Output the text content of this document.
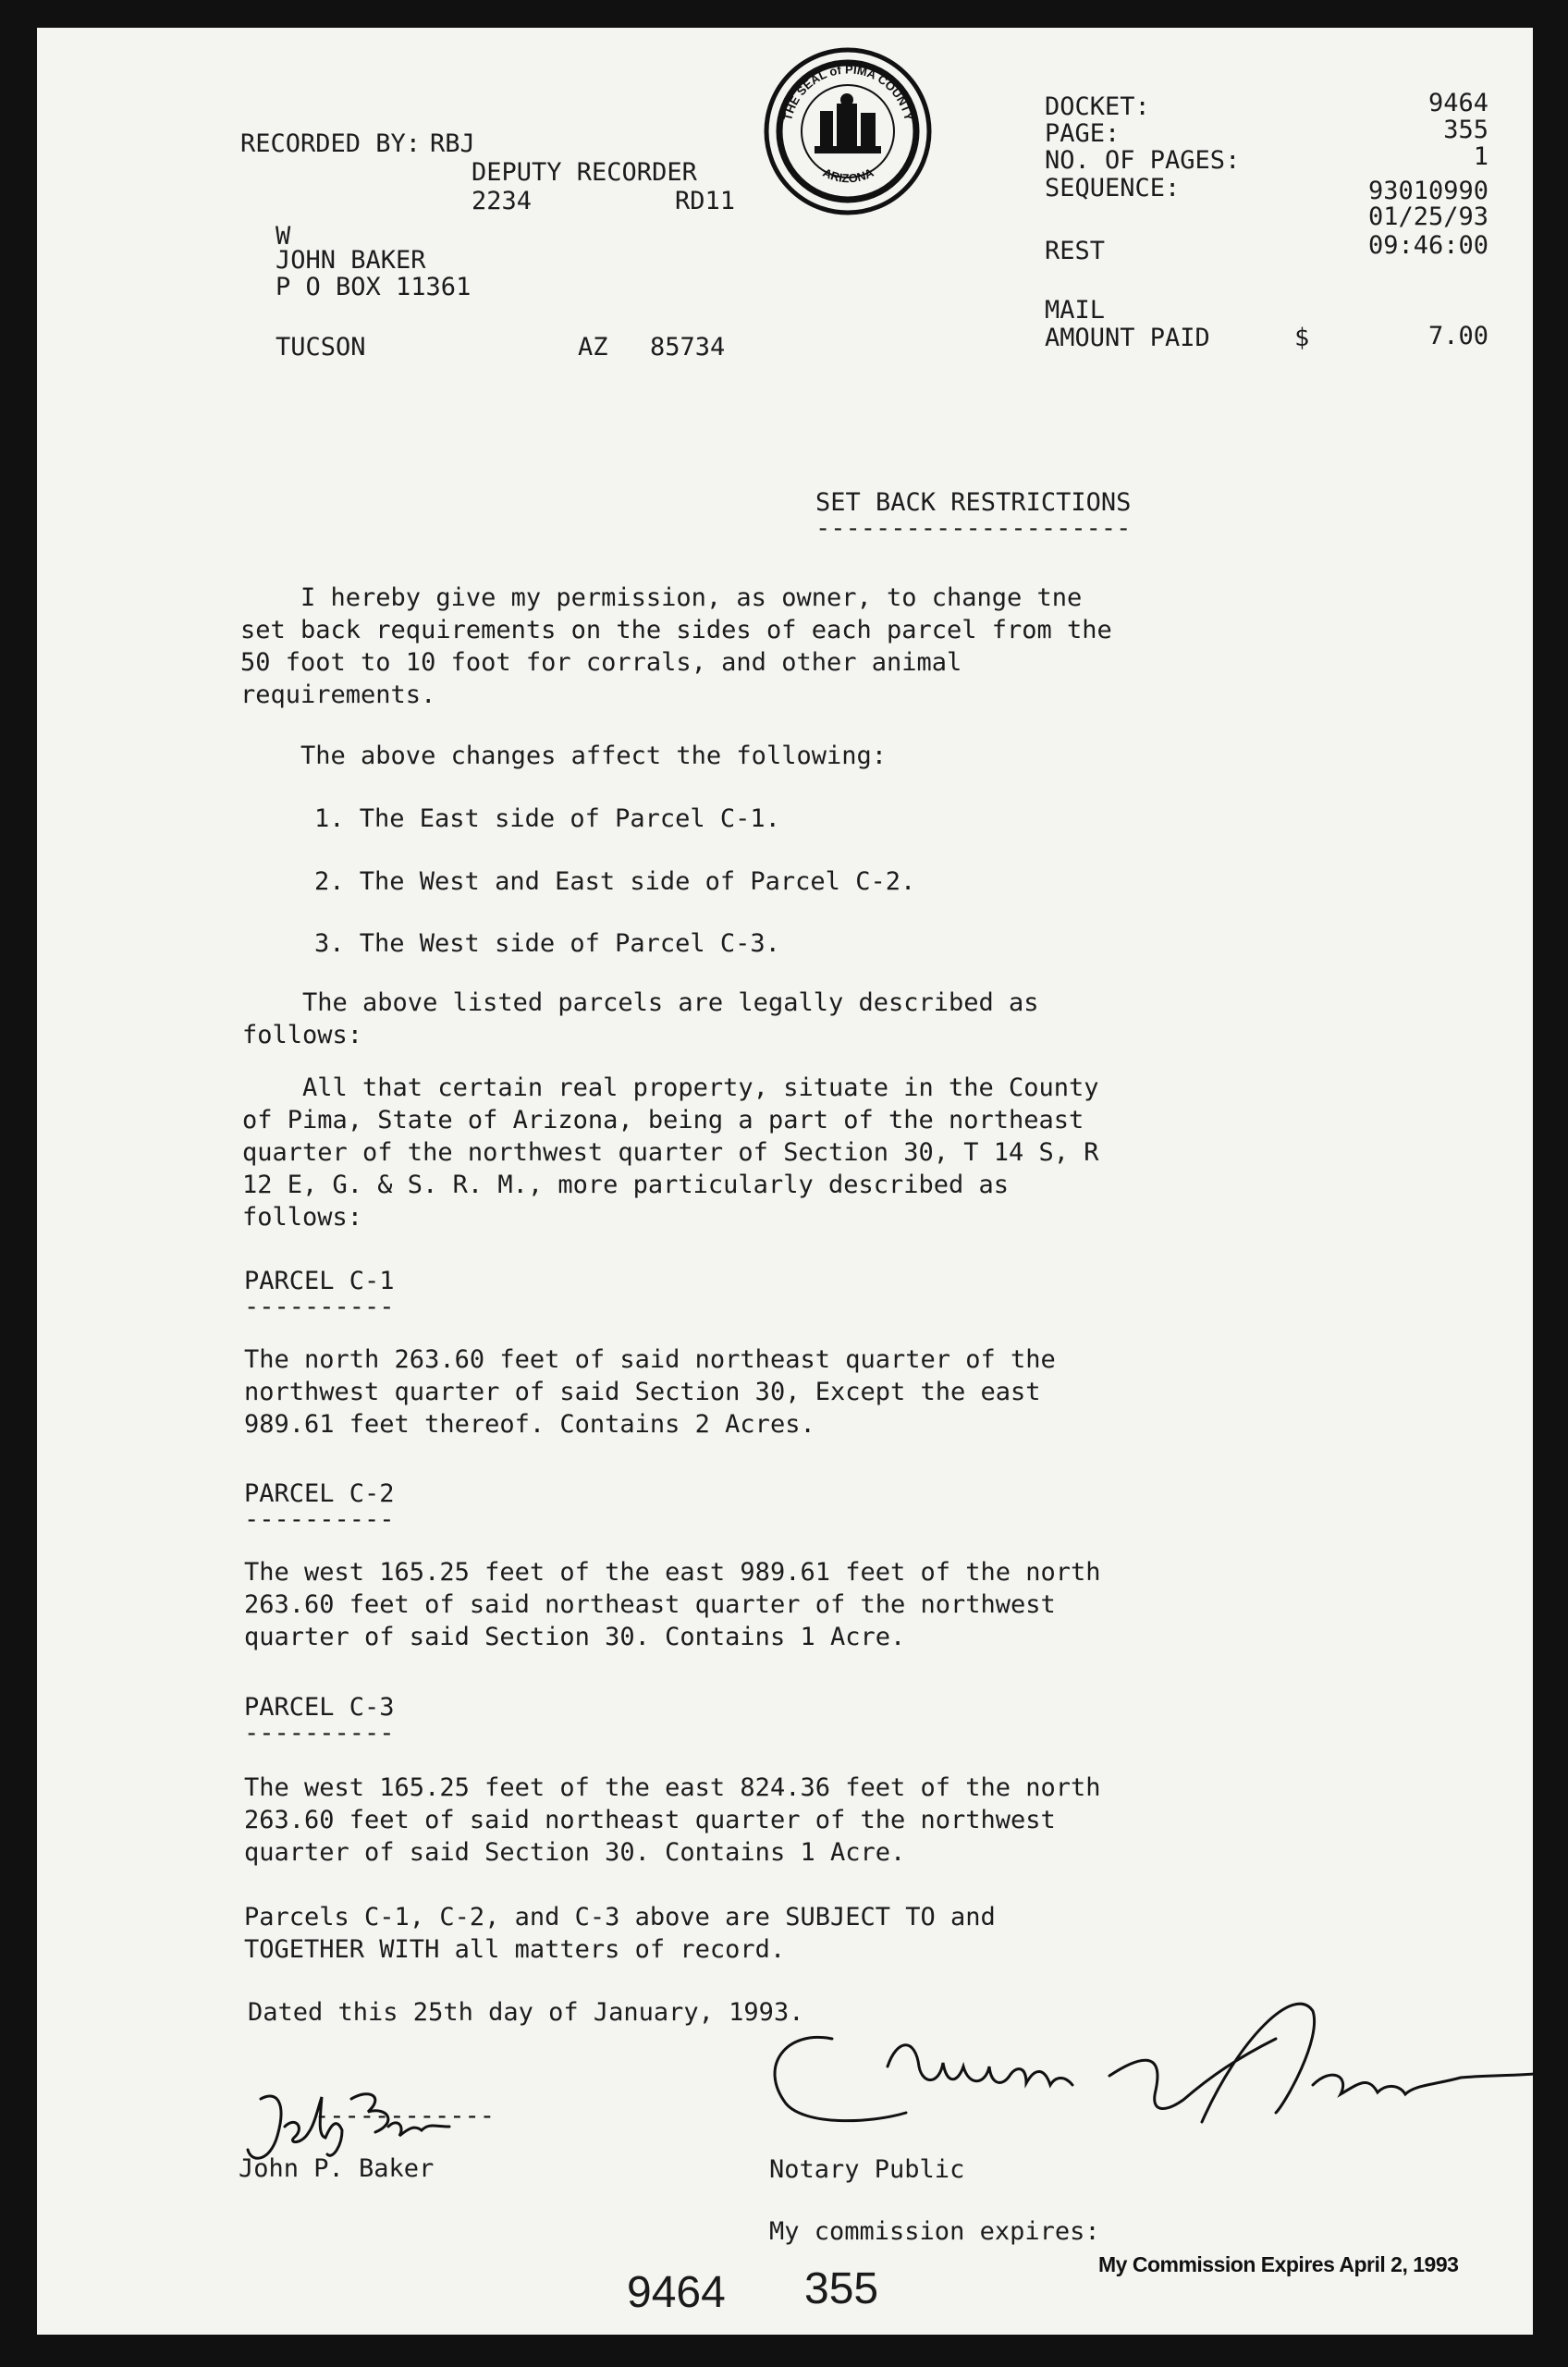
RECORDED BY: RBJ
DEPUTY RECORDER
2234	RD11
W
JOHN BAKER
P O BOX 11361
TUCSON	AZ 85734
THE SEAL of PIMA COUNTY
ARIZONA
DOCKET:	9464
PAGE:	355
NO. OF PAGES:	1
SEQUENCE:	93010990
01/25/93
REST	09:46:00
MAIL
AMOUNT PAID	$	7.00
SET BACK RESTRICTIONS
---------------------
I hereby give my permission, as owner, to change tne
set back requirements on the sides of each parcel from the
50 foot to 10 foot for corrals, and other animal
requirements.
The above changes affect the following:
1. The East side of Parcel C-1.
2. The West and East side of Parcel C-2.
3. The West side of Parcel C-3.
The above listed parcels are legally described as
follows:
All that certain real property, situate in the County
of Pima, State of Arizona, being a part of the northeast
quarter of the northwest quarter of Section 30, T 14 S, R
12 E, G. & S. R. M., more particularly described as
follows:
PARCEL C-1
----------
The north 263.60 feet of said northeast quarter of the
northwest quarter of said Section 30, Except the east
989.61 feet thereof. Contains 2 Acres.
PARCEL C-2
----------
The west 165.25 feet of the east 989.61 feet of the north
263.60 feet of said northeast quarter of the northwest
quarter of said Section 30. Contains 1 Acre.
PARCEL C-3
----------
The west 165.25 feet of the east 824.36 feet of the north
263.60 feet of said northeast quarter of the northwest
quarter of said Section 30. Contains 1 Acre.
Parcels C-1, C-2, and C-3 above are SUBJECT TO and
TOGETHER WITH all matters of record.
Dated this 25th day of January, 1993.
------------
John P. Baker	Notary Public
My commission expires:
My Commission Expires April 2, 1993
9464 355
